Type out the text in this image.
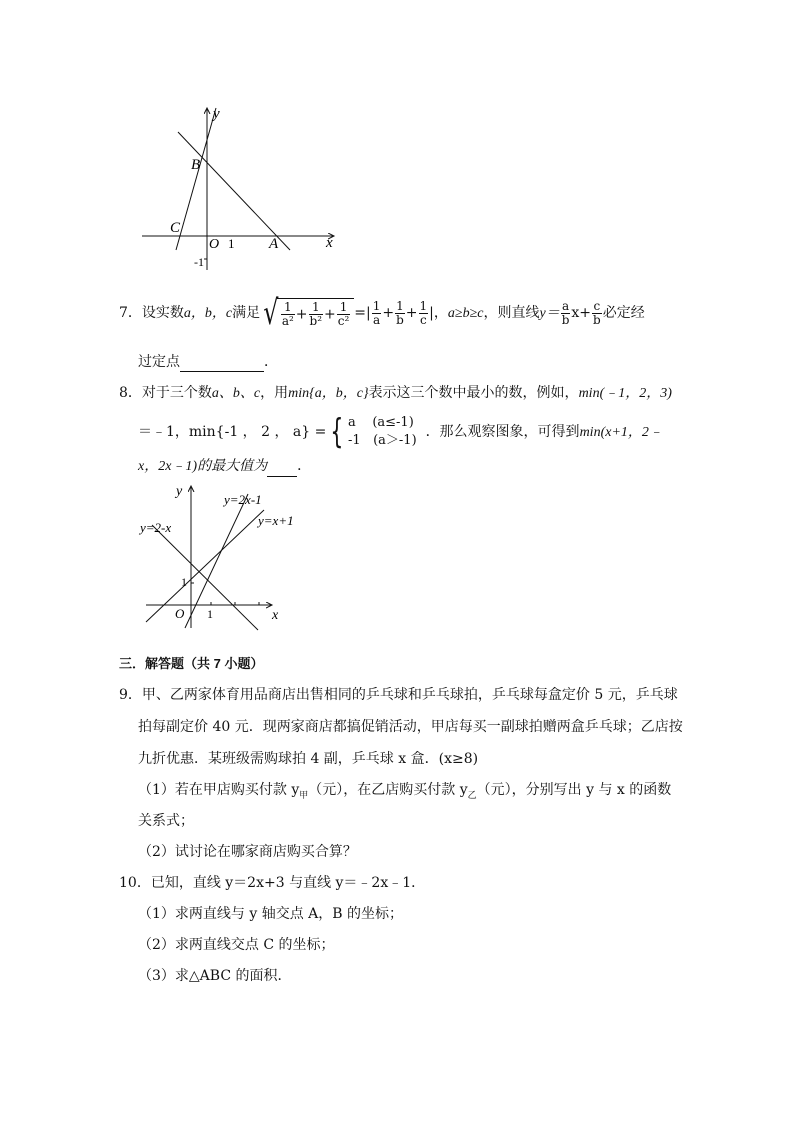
y
x
B
C
O 1 A
-1
7．设实数a，b，c满足√ $\frac{1}{\text{a²}} + \frac{1}{\text{b²}} + \frac{1}{\text{c²}}$ =| $\frac{1}{a} + \frac{1}{b} + \frac{1}{c}$ |，a≥b≥c，则直线$y= \frac{a}{b} x+ \frac{c}{b}$ 必定经
过定点	．
8．对于三个数a、b、c，用min{a，b，c}表示这三个数中最小的数，例如，min(﹣1，2，3)
＝﹣1，min{-1 ， 2 ， a} = { a (a≤-1)
-1 (a＞-1)
．那么观察图象，可得到min(x+1，2﹣
x，2x﹣1)的最大值为 ．
y
x
y=2x-1
y=x+1
y=2-x
O 1
1
三．解答题（共 7 小题）
9．甲、乙两家体育用品商店出售相同的乒乓球和乒乓球拍，乒乓球每盒定价 5 元，乒乓球
拍每副定价 40 元．现两家商店都搞促销活动，甲店每买一副球拍赠两盒乒乓球；乙店按
九折优惠．某班级需购球拍 4 副，乒乓球 x 盒．(x≥8)
（1）若在甲店购买付款 $y_甲$（元），在乙店购买付款 $y_乙$（元），分别写出 y 与 x 的函数
关系式；
（2）试讨论在哪家商店购买合算？
10．已知，直线 y＝2x+3 与直线 y＝﹣2x﹣1．
（1）求两直线与 y 轴交点 A，B 的坐标；
（2）求两直线交点 C 的坐标；
（3）求△ABC 的面积．
